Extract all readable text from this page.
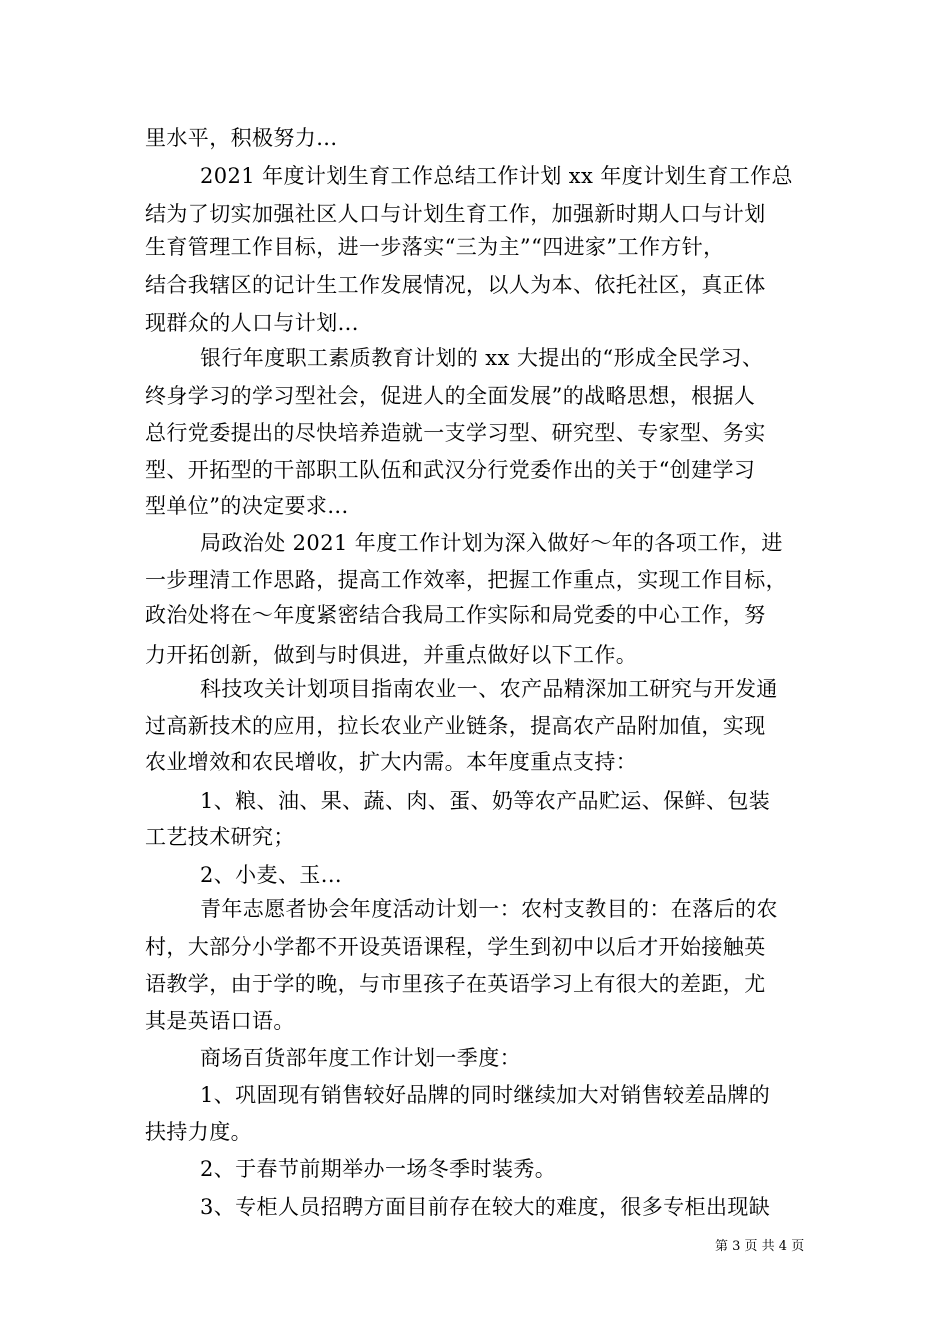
里水平，积极努力...
2021 年度计划生育工作总结工作计划 xx 年度计划生育工作总
结为了切实加强社区人口与计划生育工作，加强新时期人口与计划
生育管理工作目标，进一步落实“三为主”“四进家”工作方针，
结合我辖区的记计生工作发展情况，以人为本、依托社区，真正体
现群众的人口与计划...
银行年度职工素质教育计划的 xx 大提出的“形成全民学习、
终身学习的学习型社会，促进人的全面发展”的战略思想，根据人
总行党委提出的尽快培养造就一支学习型、研究型、专家型、务实
型、开拓型的干部职工队伍和武汉分行党委作出的关于“创建学习
型单位”的决定要求...
局政治处 2021 年度工作计划为深入做好～年的各项工作，进
一步理清工作思路，提高工作效率，把握工作重点，实现工作目标，
政治处将在～年度紧密结合我局工作实际和局党委的中心工作，努
力开拓创新，做到与时俱进，并重点做好以下工作。
科技攻关计划项目指南农业一、农产品精深加工研究与开发通
过高新技术的应用，拉长农业产业链条，提高农产品附加值，实现
农业增效和农民增收，扩大内需。本年度重点支持：
1、粮、油、果、蔬、肉、蛋、奶等农产品贮运、保鲜、包装
工艺技术研究；
2、小麦、玉...
青年志愿者协会年度活动计划一：农村支教目的：在落后的农
村，大部分小学都不开设英语课程，学生到初中以后才开始接触英
语教学，由于学的晚，与市里孩子在英语学习上有很大的差距，尤
其是英语口语。
商场百货部年度工作计划一季度：
1、巩固现有销售较好品牌的同时继续加大对销售较差品牌的
扶持力度。
2、于春节前期举办一场冬季时装秀。
3、专柜人员招聘方面目前存在较大的难度，很多专柜出现缺
第 3 页 共 4 页
